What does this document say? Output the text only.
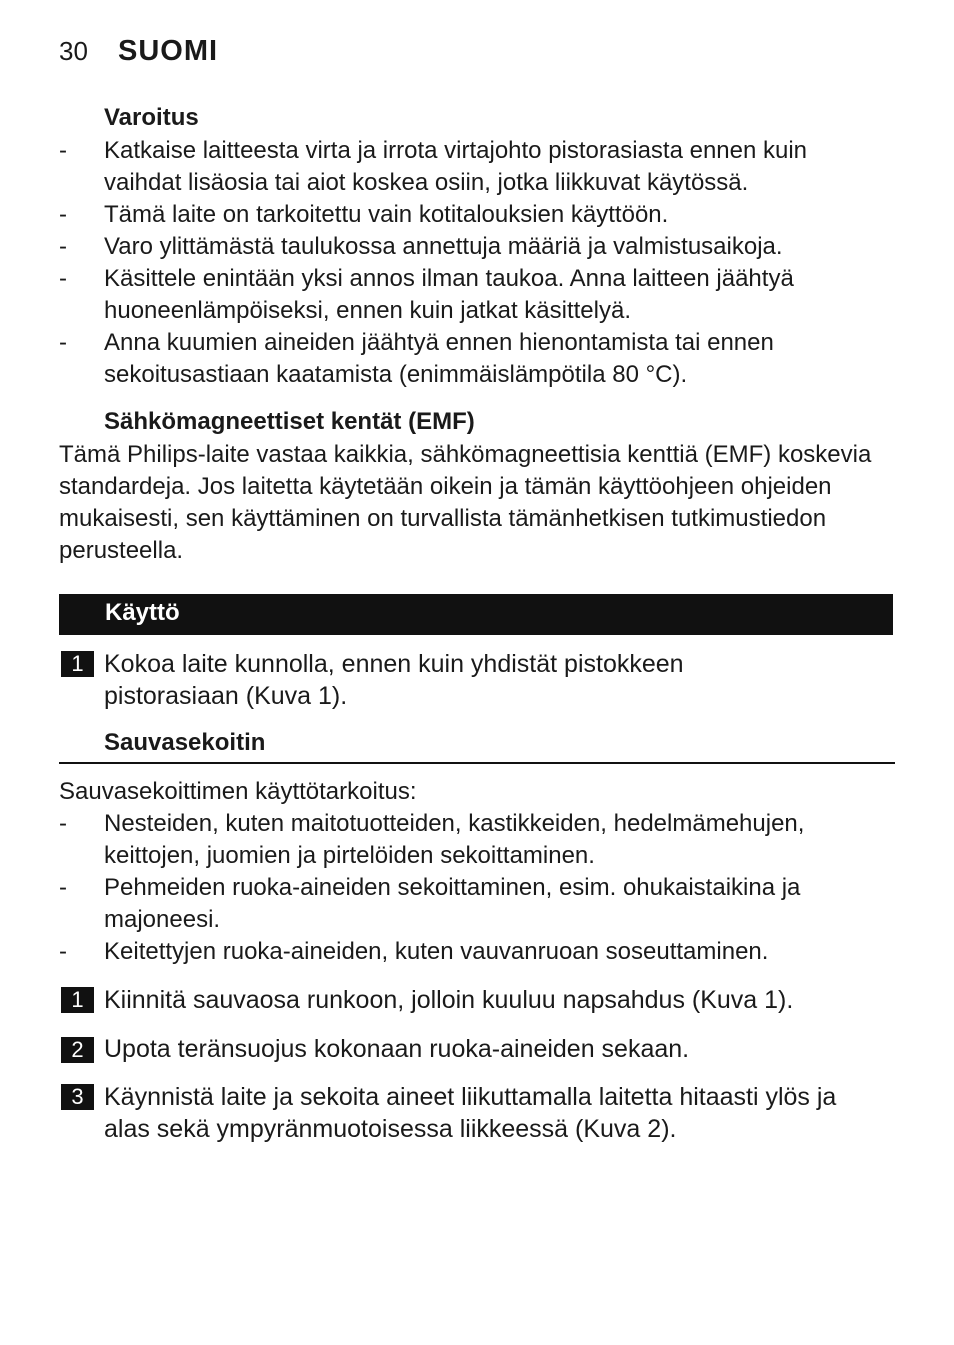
30 SUOMI
Varoitus
- Katkaise laitteesta virta ja irrota virtajohto pistorasiasta ennen kuin
vaihdat lisäosia tai aiot koskea osiin, jotka liikkuvat käytössä.
- Tämä laite on tarkoitettu vain kotitalouksien käyttöön.
- Varo ylittämästä taulukossa annettuja määriä ja valmistusaikoja.
- Käsittele enintään yksi annos ilman taukoa. Anna laitteen jäähtyä
huoneenlämpöiseksi, ennen kuin jatkat käsittelyä.
- Anna kuumien aineiden jäähtyä ennen hienontamista tai ennen
sekoitusastiaan kaatamista (enimmäislämpötila 80 °C).
Sähkömagneettiset kentät (EMF)
Tämä Philips-laite vastaa kaikkia, sähkömagneettisia kenttiä (EMF) koskevia
standardeja. Jos laitetta käytetään oikein ja tämän käyttöohjeen ohjeiden
mukaisesti, sen käyttäminen on turvallista tämänhetkisen tutkimustiedon
perusteella.
Käyttö
1 Kokoa laite kunnolla, ennen kuin yhdistät pistokkeen
pistorasiaan (Kuva 1).
Sauvasekoitin
Sauvasekoittimen käyttötarkoitus:
- Nesteiden, kuten maitotuotteiden, kastikkeiden, hedelmämehujen,
keittojen, juomien ja pirtelöiden sekoittaminen.
- Pehmeiden ruoka-aineiden sekoittaminen, esim. ohukaistaikina ja
majoneesi.
- Keitettyjen ruoka-aineiden, kuten vauvanruoan soseuttaminen.
1 Kiinnitä sauvaosa runkoon, jolloin kuuluu napsahdus (Kuva 1).
2 Upota teränsuojus kokonaan ruoka-aineiden sekaan.
3 Käynnistä laite ja sekoita aineet liikuttamalla laitetta hitaasti ylös ja
alas sekä ympyränmuotoisessa liikkeessä (Kuva 2).
